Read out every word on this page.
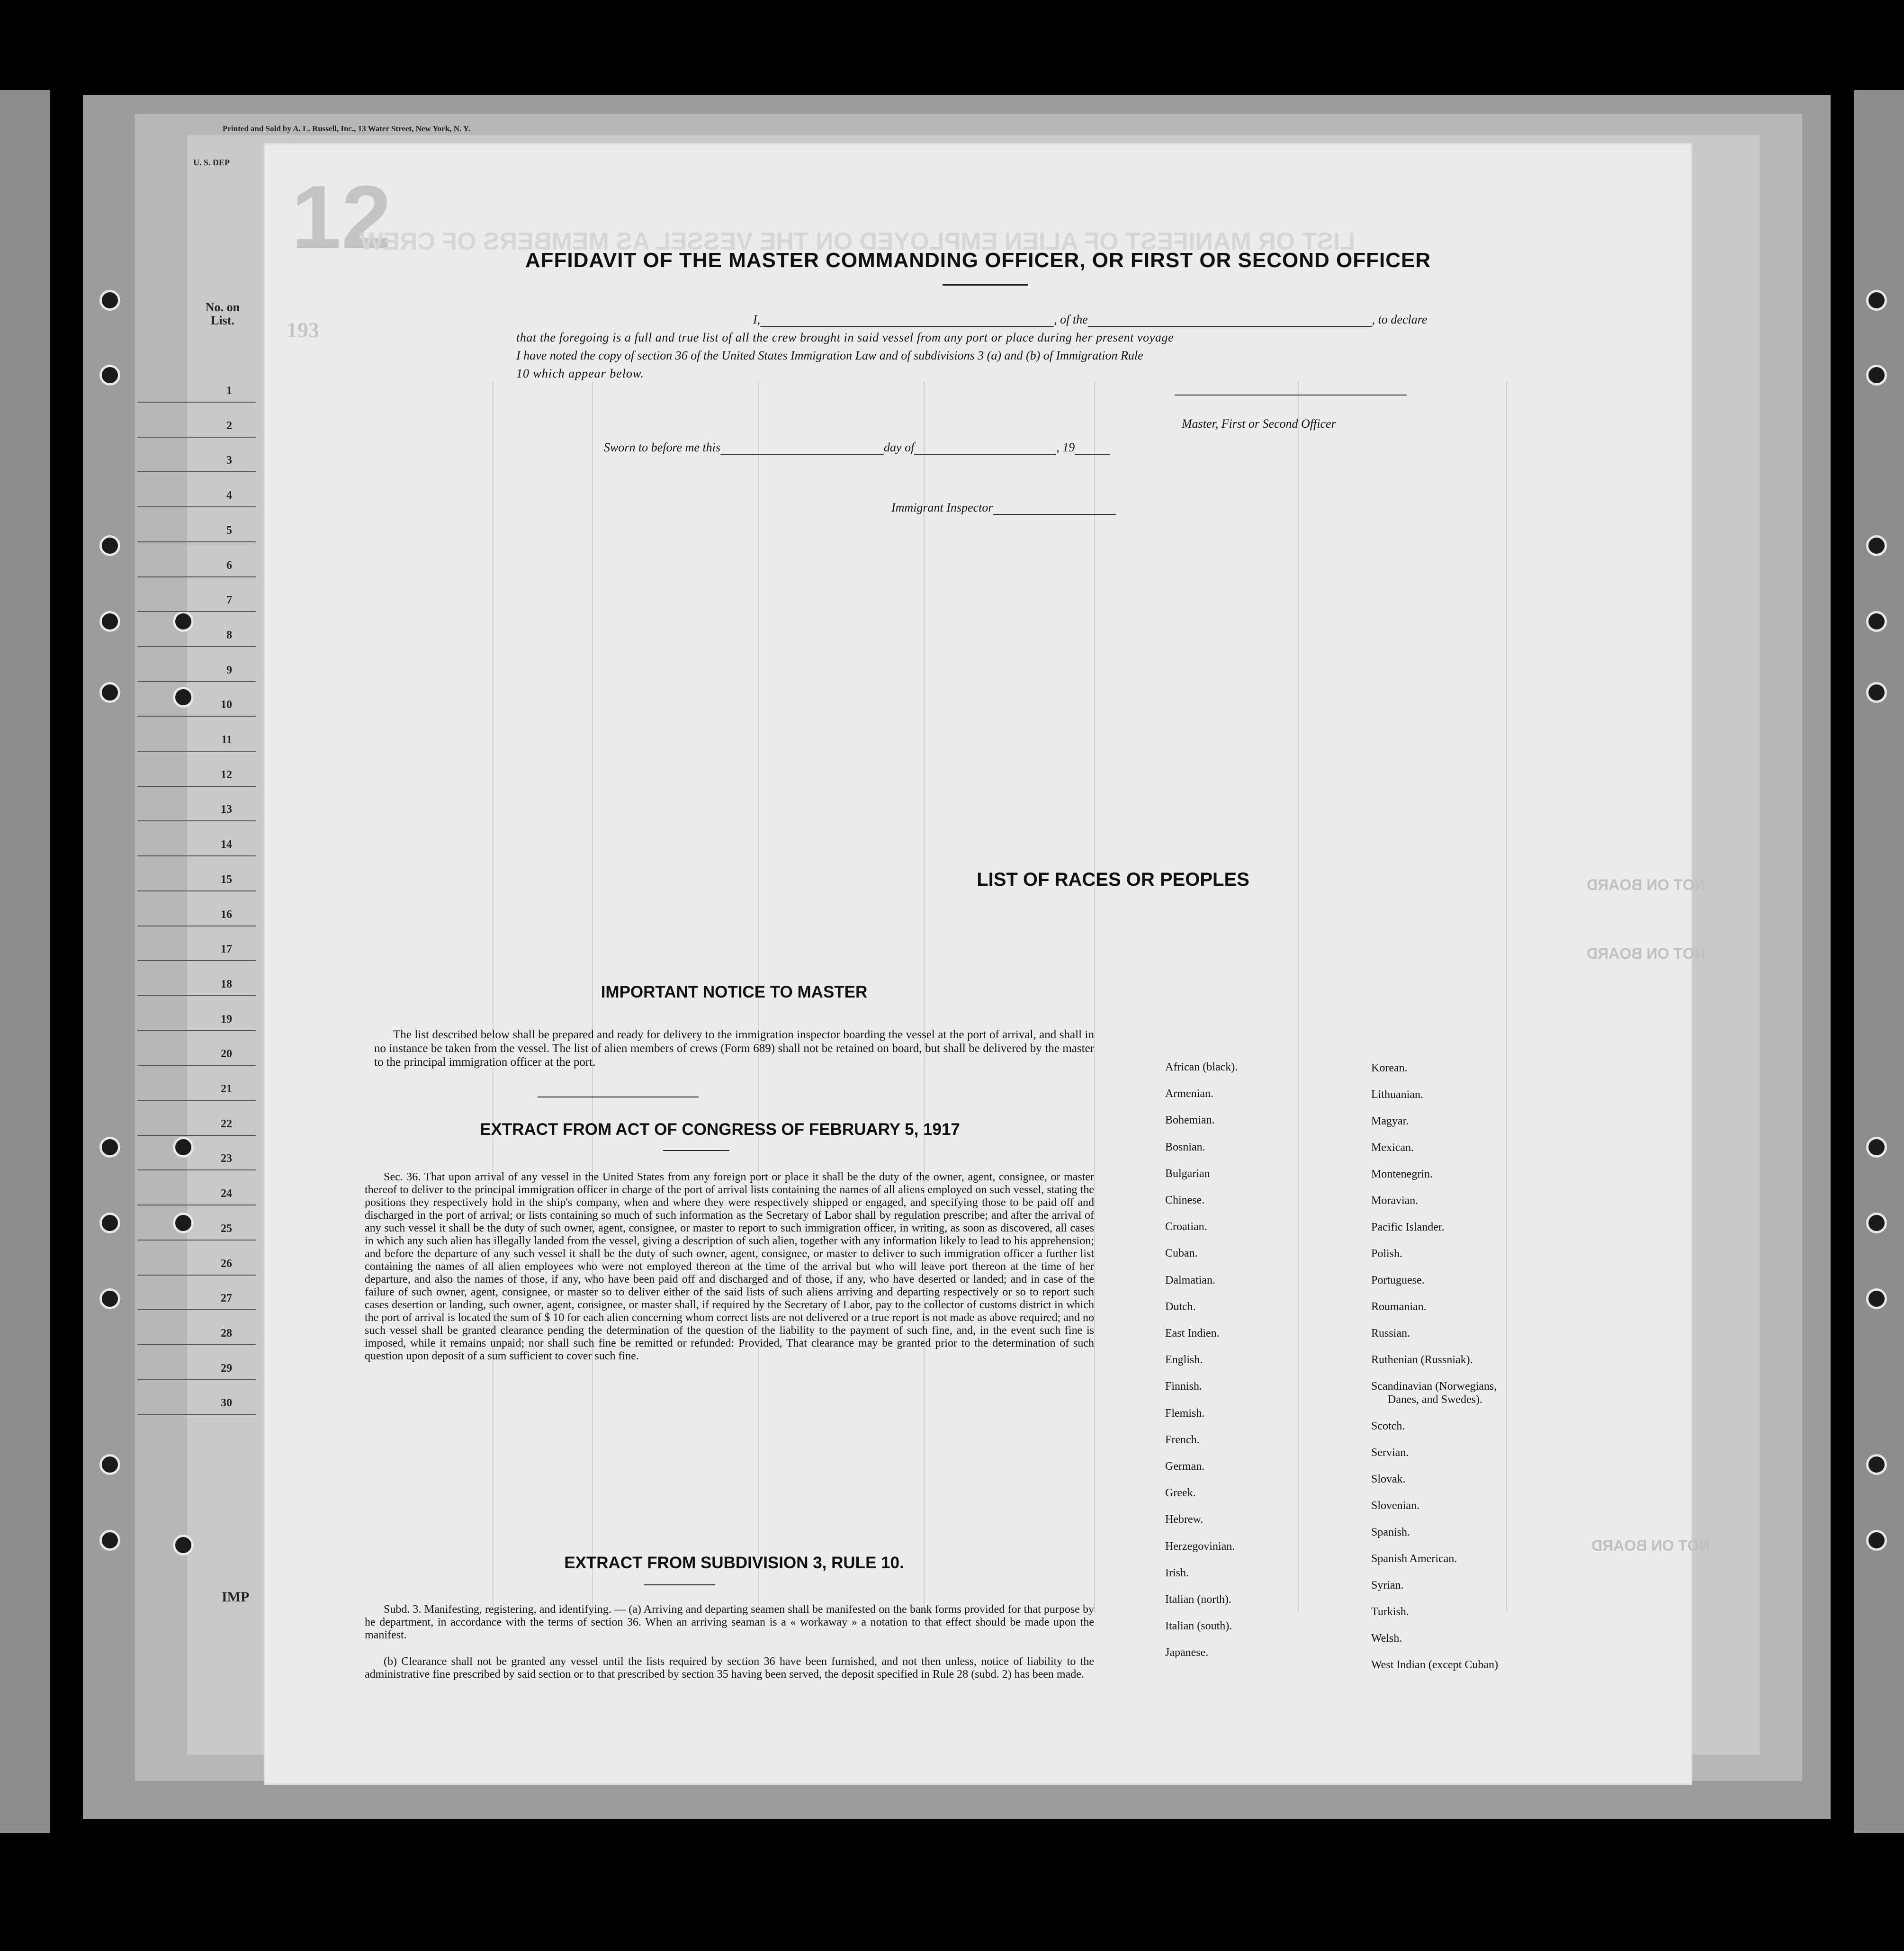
Printed and Sold by A. L. Russell, Inc., 13 Water Street, New York, N. Y.
U. S. DEP
No. on List.
1
2
3
4
5
6
7
8
9
10
11
12
13
14
15
16
17
18
19
20
21
22
23
24
25
26
27
28
29
30
IMP
12
193
LIST OR MANIFEST OF ALIEN EMPLOYED ON THE VESSEL AS MEMBERS OF CREW
NOT ON BOARD
NOT ON BOARD
NOT ON BOARD
AFFIDAVIT OF THE MASTER COMMANDING OFFICER, OR FIRST OR SECOND OFFICER
I,	, of the	, to declare
that the foregoing is a full and true list of all the crew brought in said vessel from any port or place during her present voyage
I have noted the copy of section 36 of the United States Immigration Law and of subdivisions 3 (a) and (b) of Immigration Rule
10 which appear below.
Master, First or Second Officer
Sworn to before me this	day of	, 19
Immigrant Inspector
IMPORTANT NOTICE TO MASTER
The list described below shall be prepared and ready for delivery to the immigration inspector boarding the vessel at the port of arrival, and shall in no instance be taken from the vessel. The list of alien members of crews (Form 689) shall not be retained on board, but shall be delivered by the master to the principal immigration officer at the port.
EXTRACT FROM ACT OF CONGRESS OF FEBRUARY 5, 1917
Sec. 36. That upon arrival of any vessel in the United States from any foreign port or place it shall be the duty of the owner, agent, consignee, or master thereof to deliver to the principal immigration officer in charge of the port of arrival lists containing the names of all aliens employed on such vessel, stating the positions they respectively hold in the ship's company, when and where they were respectively shipped or engaged, and specifying those to be paid off and discharged in the port of arrival; or lists containing so much of such information as the Secretary of Labor shall by regulation prescribe; and after the arrival of any such vessel it shall be the duty of such owner, agent, consignee, or master to report to such immigration officer, in writing, as soon as discovered, all cases in which any such alien has illegally landed from the vessel, giving a description of such alien, together with any information likely to lead to his apprehension; and before the departure of any such vessel it shall be the duty of such owner, agent, consignee, or master to deliver to such immigration officer a further list containing the names of all alien employees who were not employed thereon at the time of the arrival but who will leave port thereon at the time of her departure, and also the names of those, if any, who have been paid off and discharged and of those, if any, who have deserted or landed; and in case of the failure of such owner, agent, consignee, or master so to deliver either of the said lists of such aliens arriving and departing respectively or so to report such cases desertion or landing, such owner, agent, consignee, or master shall, if required by the Secretary of Labor, pay to the collector of customs district in which the port of arrival is located the sum of $ 10 for each alien concerning whom correct lists are not delivered or a true report is not made as above required; and no such vessel shall be granted clearance pending the determination of the question of the liability to the payment of such fine, and, in the event such fine is imposed, while it remains unpaid; nor shall such fine be remitted or refunded: Provided, That clearance may be granted prior to the determination of such question upon deposit of a sum sufficient to cover such fine.
EXTRACT FROM SUBDIVISION 3, RULE 10.
Subd. 3. Manifesting, registering, and identifying. — (a) Arriving and departing seamen shall be manifested on the bank forms provided for that purpose by he department, in accordance with the terms of section 36. When an arriving seaman is a « workaway » a notation to that effect should be made upon the manifest.
(b) Clearance shall not be granted any vessel until the lists required by section 36 have been furnished, and not then unless, notice of liability to the administrative fine prescribed by said section or to that prescribed by section 35 having been served, the deposit specified in Rule 28 (subd. 2) has been made.
LIST OF RACES OR PEOPLES
African (black).
Armenian.
Bohemian.
Bosnian.
Bulgarian
Chinese.
Croatian.
Cuban.
Dalmatian.
Dutch.
East Indien.
English.
Finnish.
Flemish.
French.
German.
Greek.
Hebrew.
Herzegovinian.
Irish.
Italian (north).
Italian (south).
Japanese.
Korean.
Lithuanian.
Magyar.
Mexican.
Montenegrin.
Moravian.
Pacific Islander.
Polish.
Portuguese.
Roumanian.
Russian.
Ruthenian (Russniak).
Scandinavian (Norwegians,
Danes, and Swedes).
Scotch.
Servian.
Slovak.
Slovenian.
Spanish.
Spanish American.
Syrian.
Turkish.
Welsh.
West Indian (except Cuban)
